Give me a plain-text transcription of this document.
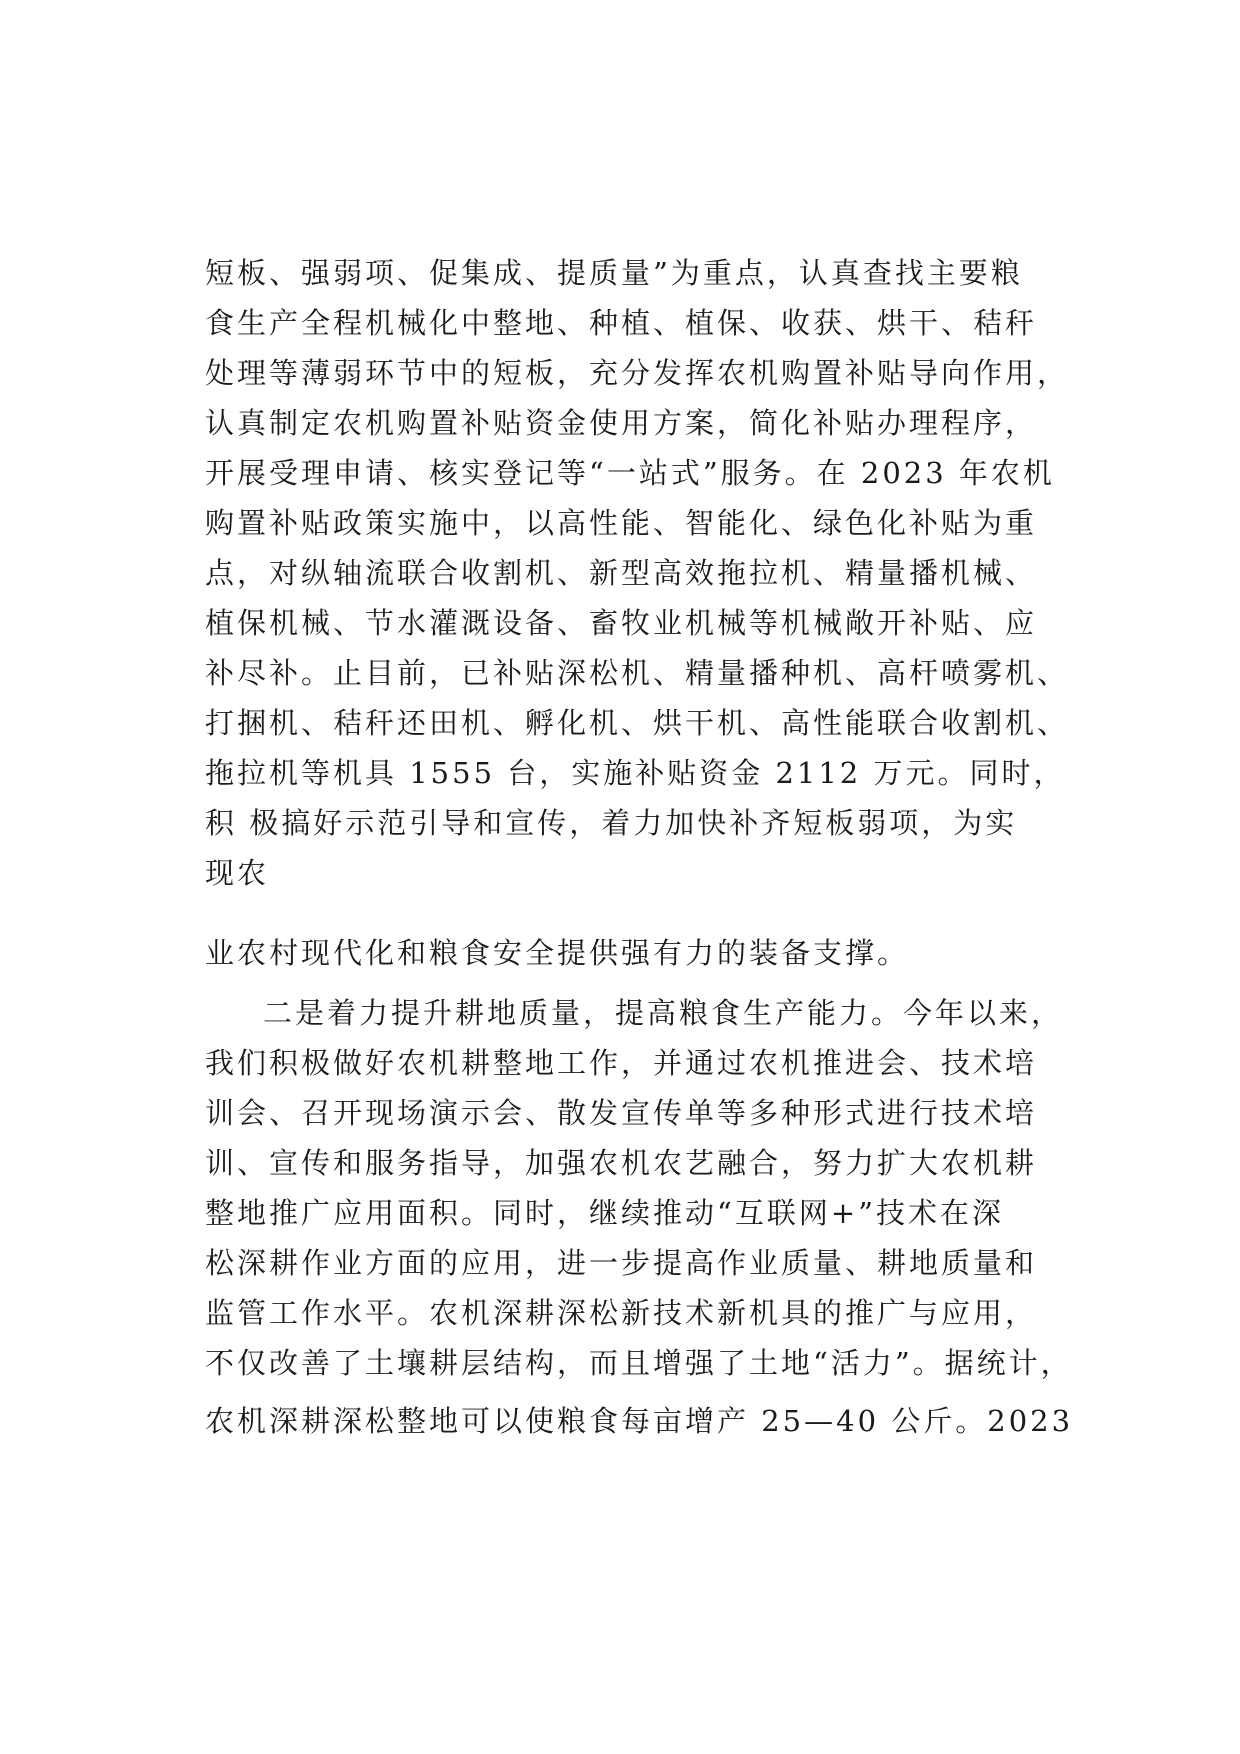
短板、强弱项、促集成、提质量”为重点，认真查找主要粮
食生产全程机械化中整地、种植、植保、收获、烘干、秸秆
处理等薄弱环节中的短板，充分发挥农机购置补贴导向作用，
认真制定农机购置补贴资金使用方案，简化补贴办理程序，
开展受理申请、核实登记等“一站式”服务。在 2023 年农机
购置补贴政策实施中，以高性能、智能化、绿色化补贴为重
点，对纵轴流联合收割机、新型高效拖拉机、精量播机械、
植保机械、节水灌溉设备、畜牧业机械等机械敞开补贴、应
补尽补。止目前，已补贴深松机、精量播种机、高杆喷雾机、
打捆机、秸秆还田机、孵化机、烘干机、高性能联合收割机、
拖拉机等机具 1555 台，实施补贴资金 2112 万元。同时，
积 极搞好示范引导和宣传，着力加快补齐短板弱项，为实
现农
业农村现代化和粮食安全提供强有力的装备支撑。
二是着力提升耕地质量，提高粮食生产能力。今年以来，
我们积极做好农机耕整地工作，并通过农机推进会、技术培
训会、召开现场演示会、散发宣传单等多种形式进行技术培
训、宣传和服务指导，加强农机农艺融合，努力扩大农机耕
整地推广应用面积。同时，继续推动“互联网+”技术在深
松深耕作业方面的应用，进一步提高作业质量、耕地质量和
监管工作水平。农机深耕深松新技术新机具的推广与应用，
不仅改善了土壤耕层结构，而且增强了土地“活力”。据统计，
农机深耕深松整地可以使粮食每亩增产 25—40 公斤。2023
